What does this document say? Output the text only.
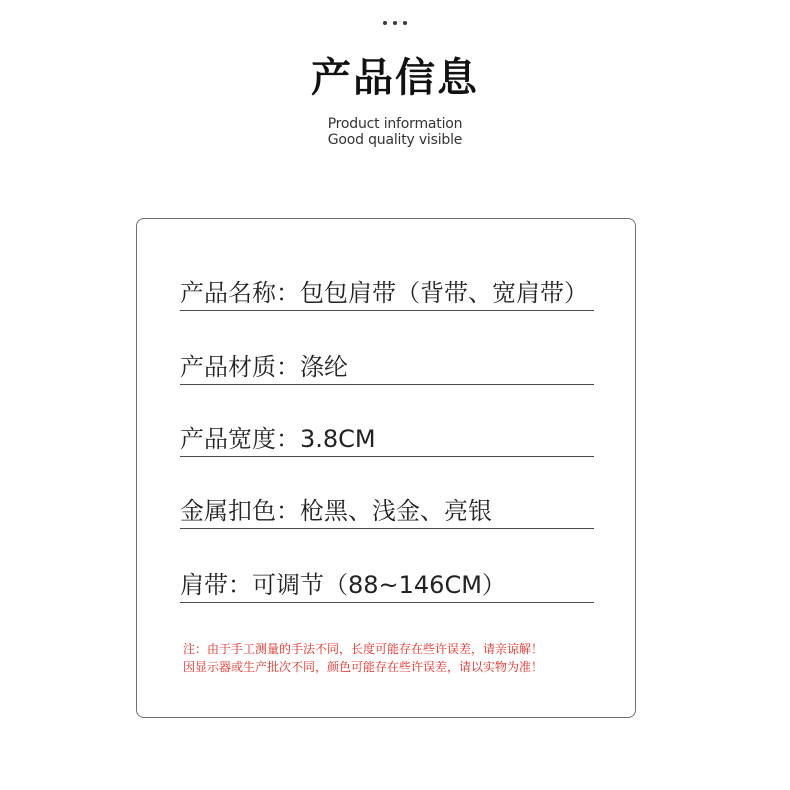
产品信息
Product information
Good quality visible
产品名称：包包肩带（背带、宽肩带）
产品材质：涤纶
产品宽度：3.8CM
金属扣色：枪黑、浅金、亮银
肩带：可调节（88~146CM）
注：由于手工测量的手法不同，长度可能存在些许误差，请亲谅解！
因显示器或生产批次不同，颜色可能存在些许误差，请以实物为准！
